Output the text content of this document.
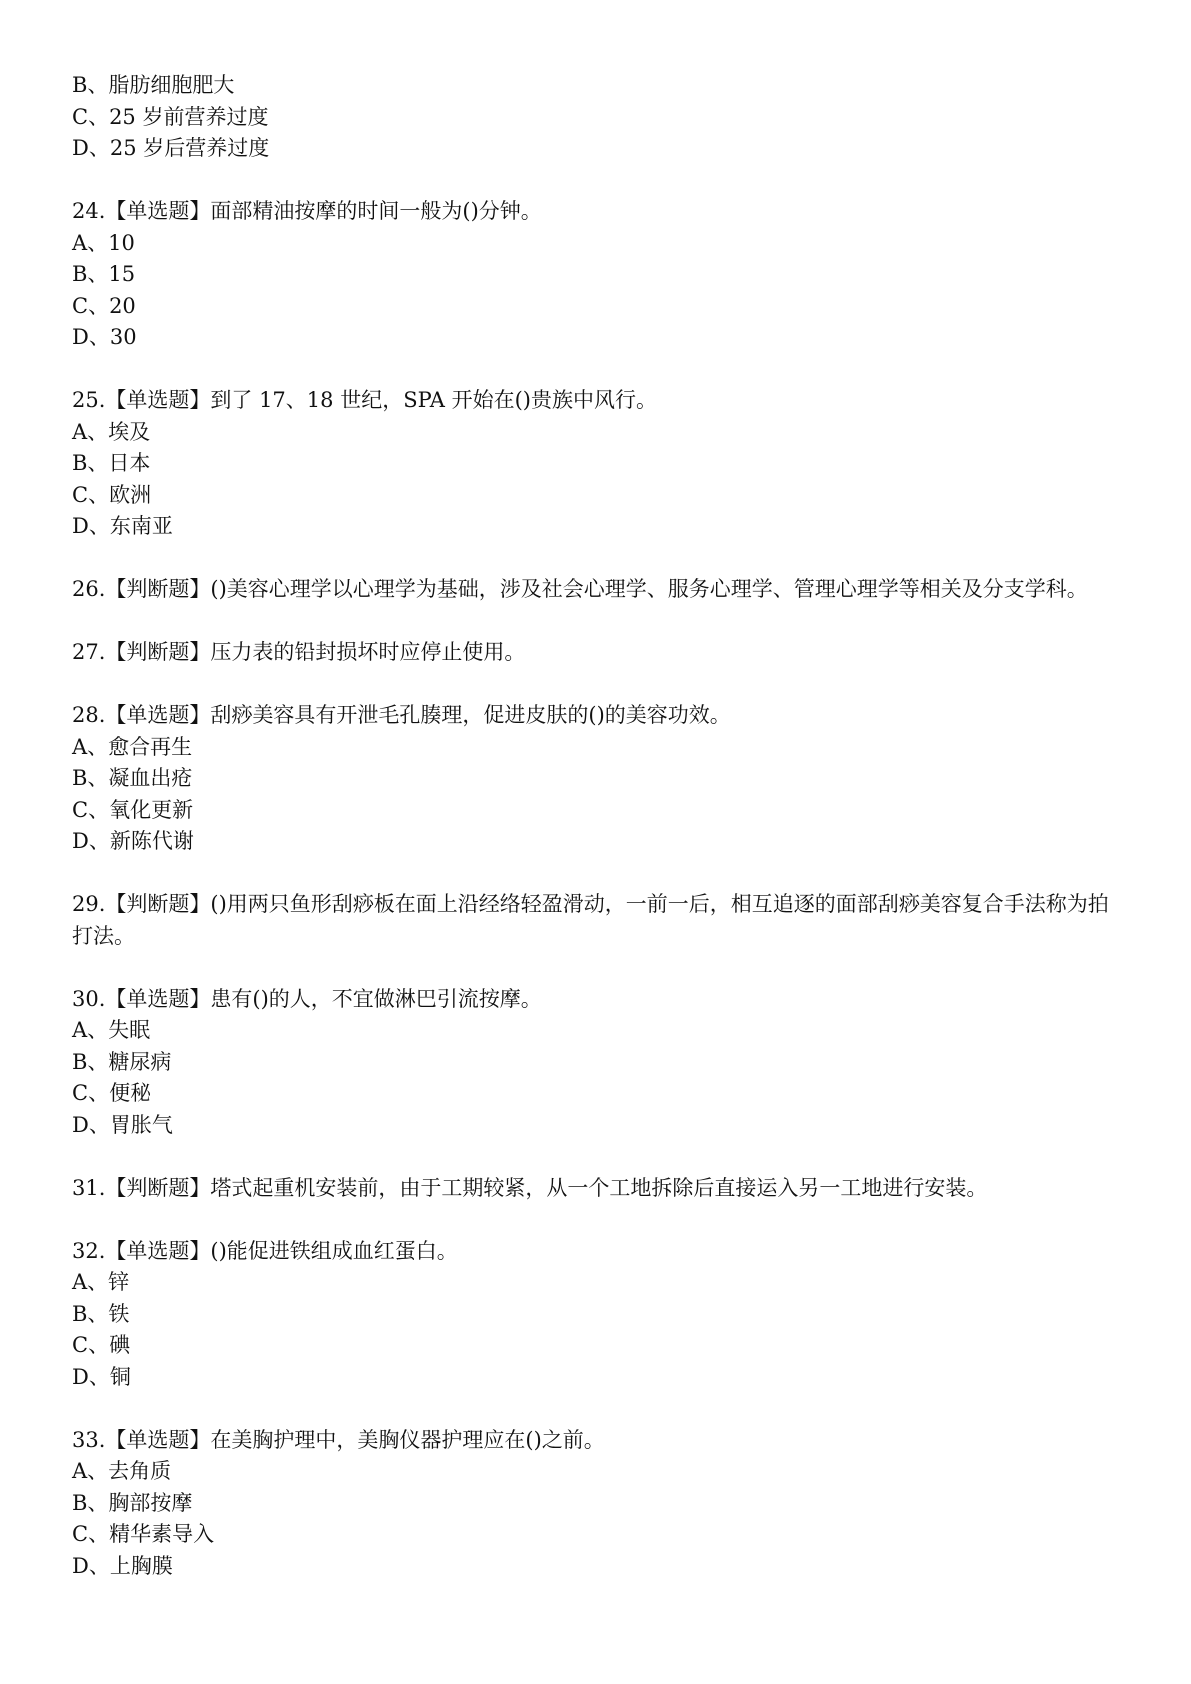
B、脂肪细胞肥大

C、25 岁前营养过度

D、25 岁后营养过度

24.【单选题】面部精油按摩的时间一般为()分钟。

A、10

B、15

C、20

D、30

25.【单选题】到了 17、18 世纪，SPA 开始在()贵族中风行。

A、埃及

B、日本

C、欧洲

D、东南亚

26.【判断题】()美容心理学以心理学为基础，涉及社会心理学、服务心理学、管理心理学等相关及分支学科。

27.【判断题】压力表的铅封损坏时应停止使用。

28.【单选题】刮痧美容具有开泄毛孔腠理，促进皮肤的()的美容功效。

A、愈合再生

B、凝血出疮

C、氧化更新

D、新陈代谢

29.【判断题】()用两只鱼形刮痧板在面上沿经络轻盈滑动，一前一后，相互追逐的面部刮痧美容复合手法称为拍打法。

30.【单选题】患有()的人，不宜做淋巴引流按摩。

A、失眠

B、糖尿病

C、便秘

D、胃胀气

31.【判断题】塔式起重机安装前，由于工期较紧，从一个工地拆除后直接运入另一工地进行安装。

32.【单选题】()能促进铁组成血红蛋白。

A、锌

B、铁

C、碘

D、铜

33.【单选题】在美胸护理中，美胸仪器护理应在()之前。

A、去角质

B、胸部按摩

C、精华素导入

D、上胸膜
